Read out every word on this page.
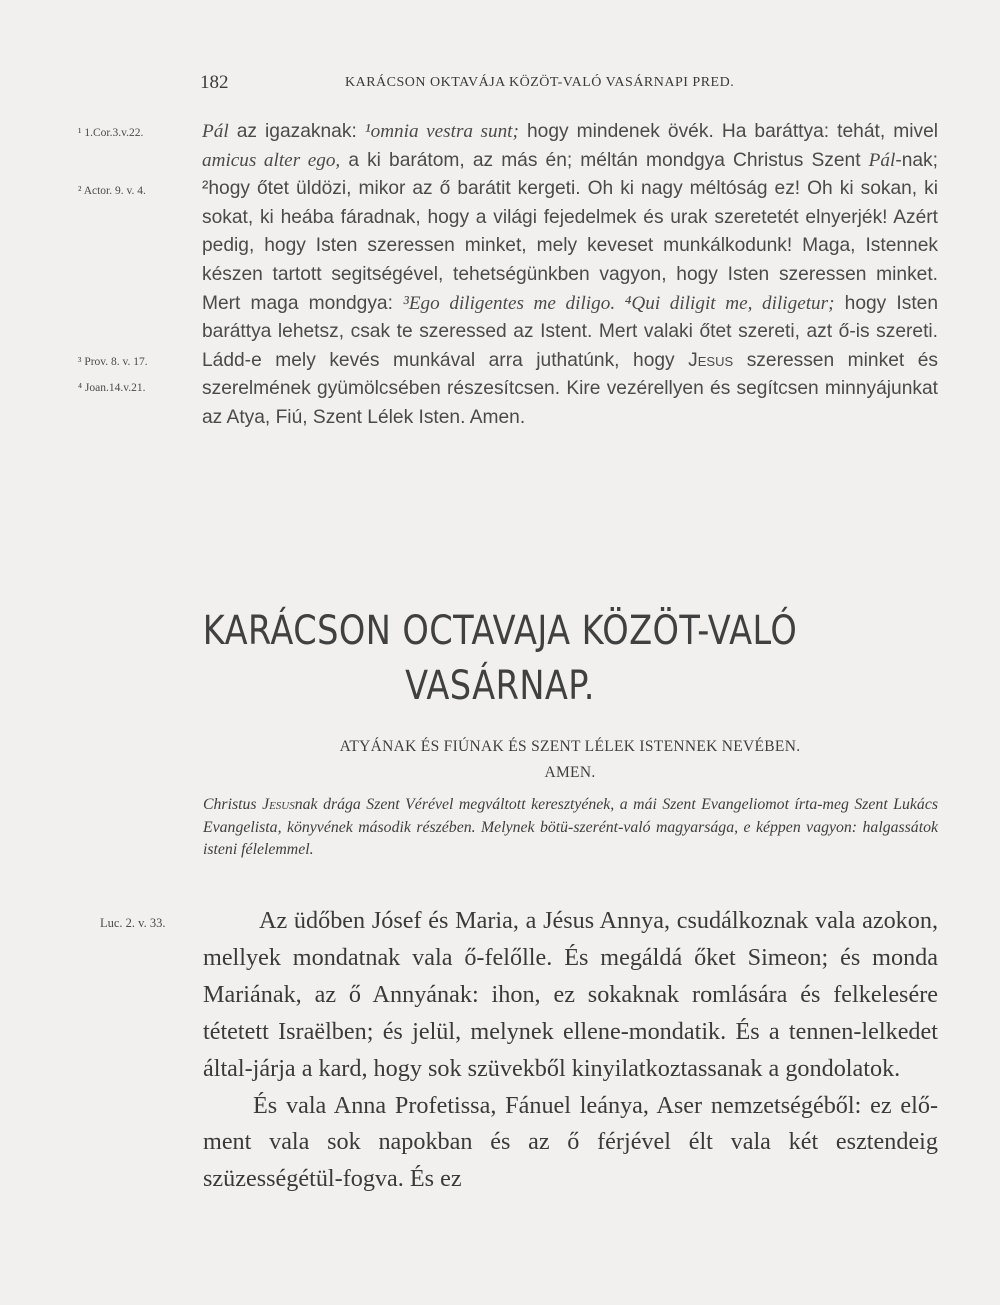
182	KARÁCSON OKTAVÁJA KÖZÖT-VALÓ VASÁRNAPI PRED.
¹ 1.Cor.3.v.22.
² Actor. 9. v. 4.
³ Prov. 8. v. 17.
⁴ Joan.14.v.21.
Luc. 2. v. 33.

Pál az igazaknak: ¹omnia vestra sunt; hogy mindenek övék. Ha baráttya: tehát, mivel amicus alter ego, a ki barátom, az más én; méltán mondgya Christus Szent Pál-nak; ²hogy őtet üldözi, mikor az ő barátit kergeti. Oh ki nagy méltóság ez! Oh ki sokan, ki sokat, ki heába fáradnak, hogy a világi fejedelmek és urak szeretetét elnyerjék! Azért pedig, hogy Isten szeressen minket, mely keveset munkálkodunk! Maga, Istennek készen tartott segitségével, tehetségünkben vagyon, hogy Isten szeressen minket. Mert maga mondgya: ³Ego diligentes me diligo. ⁴Qui diligit me, diligetur; hogy Isten baráttya lehetsz, csak te szeressed az Istent. Mert valaki őtet szereti, azt ő-is szereti. Ládd-e mely kevés munkával arra juthatúnk, hogy Jesus szeressen minket és szerelmének gyümölcsében részesítcsen. Kire vezérellyen és segítcsen minnyájunkat az Atya, Fiú, Szent Lélek Isten. Amen.

KARÁCSON OCTAVAJA KÖZÖT-VALÓ
VASÁRNAP.
ATYÁNAK ÉS FIÚNAK ÉS SZENT LÉLEK ISTENNEK NEVÉBEN.
AMEN.

Christus Jesusnak drága Szent Vérével megváltott keresztyének, a mái Szent Evangeliomot írta-meg Szent Lukács Evangelista, könyvének második részében. Melynek bötü-szerént-való magyarsága, e képpen vagyon: halgassátok isteni félelemmel.

Az üdőben Jósef és Maria, a Jésus Annya, csudálkoznak vala azokon, mellyek mondatnak vala ő-felőlle. És megáldá őket Simeon; és monda Mariának, az ő Annyának: ihon, ez sokaknak romlására és felkelesére tétetett Israëlben; és jelül, melynek ellene-mondatik. És a tennen-lelkedet által-járja a kard, hogy sok szüvekből kinyilatkoztassanak a gondolatok.

És vala Anna Profetissa, Fánuel leánya, Aser nemzetségéből: ez elő-ment vala sok napokban és az ő férjével élt vala két esztendeig szüzességétül-fogva. És ez
